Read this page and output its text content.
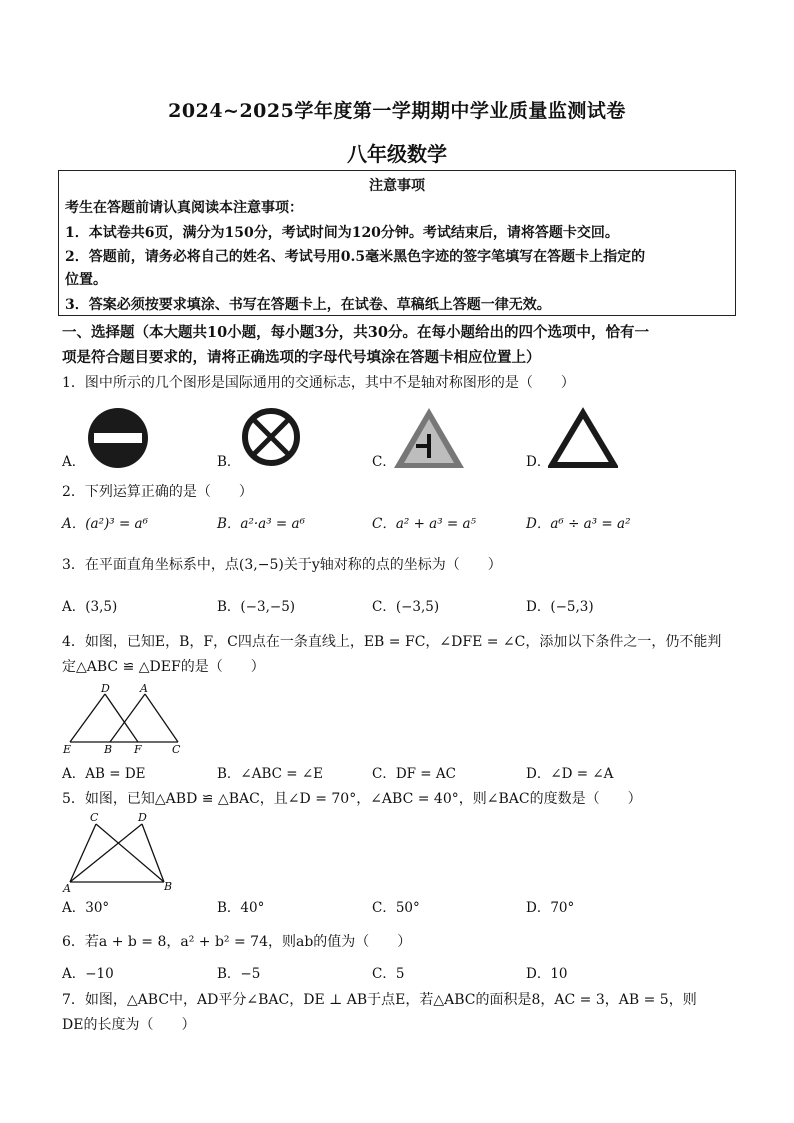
2024~2025学年度第一学期期中学业质量监测试卷
八年级数学
注意事项
考生在答题前请认真阅读本注意事项：
1．本试卷共6页，满分为150分，考试时间为120分钟。考试结束后，请将答题卡交回。
2．答题前，请务必将自己的姓名、考试号用0.5毫米黑色字迹的签字笔填写在答题卡上指定的
位置。
3．答案必须按要求填涂、书写在答题卡上，在试卷、草稿纸上答题一律无效。
一、选择题（本大题共10小题，每小题3分，共30分。在每小题给出的四个选项中，恰有一
项是符合题目要求的，请将正确选项的字母代号填涂在答题卡相应位置上）
1．图中所示的几个图形是国际通用的交通标志，其中不是轴对称图形的是（　　）
A．	B．	C．	D．
2．下列运算正确的是（　　）
A．(a²)³ = a⁶	B．a²·a³ = a⁶	C．a² + a³ = a⁵	D．a⁶ ÷ a³ = a²
3．在平面直角坐标系中，点(3,−5)关于y轴对称的点的坐标为（　　）
A．(3,5)	B．(−3,−5)	C．(−3,5)	D．(−5,3)
4．如图，已知E，B，F，C四点在一条直线上，EB = FC，∠DFE = ∠C，添加以下条件之一，仍不能判
定△ABC ≌ △DEF的是（　　）
D	A
E	B F	C
A．AB = DE	B．∠ABC = ∠E	C．DF = AC	D．∠D = ∠A
5．如图，已知△ABD ≌ △BAC，且∠D = 70°，∠ABC = 40°，则∠BAC的度数是（　　）
C	D
A	B
A．30°	B．40°	C．50°	D．70°
6．若a + b = 8，a² + b² = 74，则ab的值为（　　）
A．−10	B．−5	C．5	D．10
7．如图，△ABC中，AD平分∠BAC，DE ⊥ AB于点E，若△ABC的面积是8，AC = 3，AB = 5，则
DE的长度为（　　）
